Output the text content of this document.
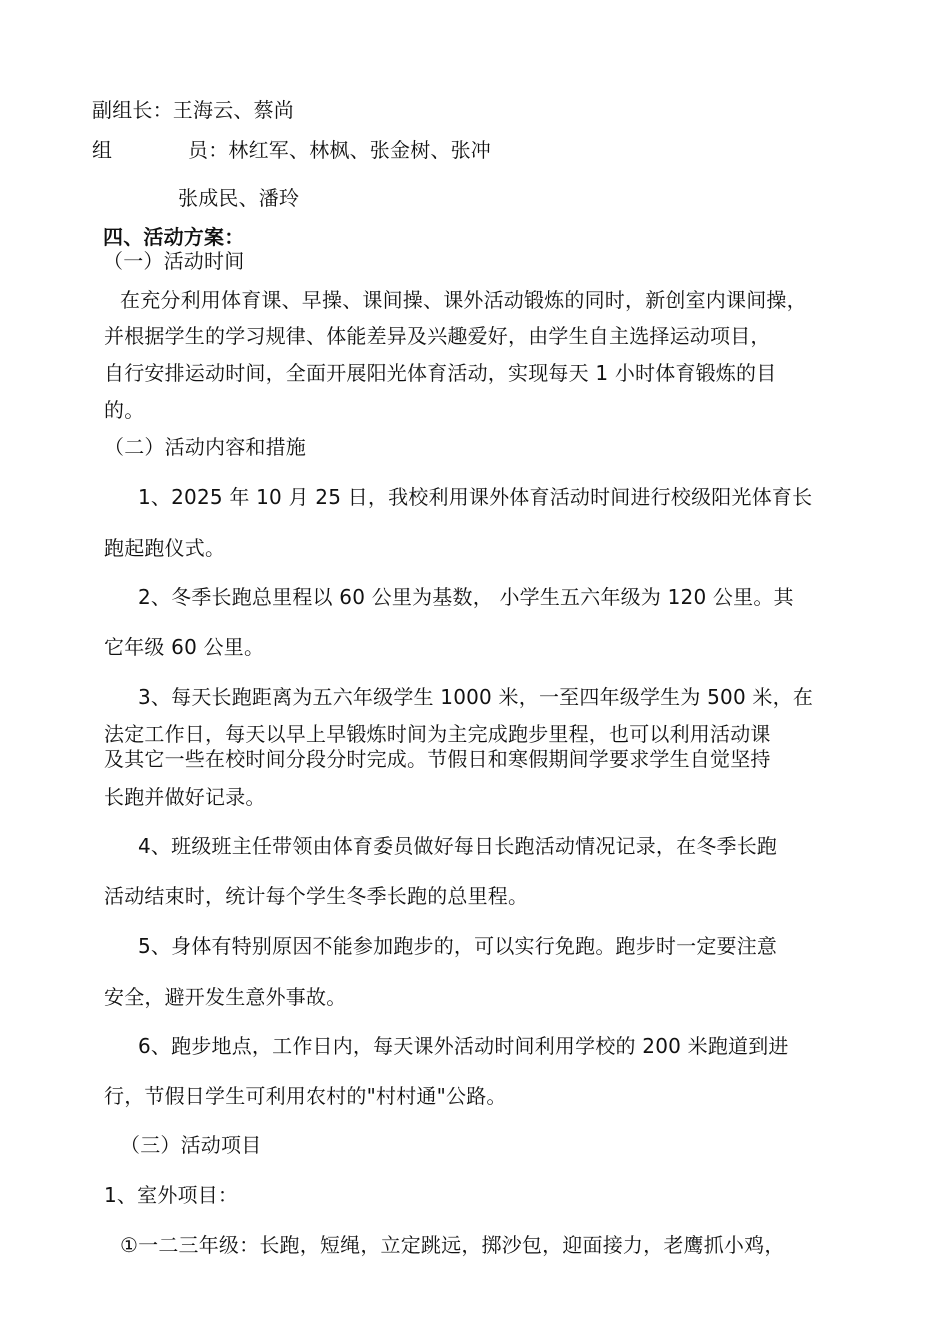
副组长：王海云、蔡尚
组	员：林红军、林枫、张金树、张冲
张成民、潘玲
四、活动方案：
（一）活动时间
在充分利用体育课、早操、课间操、课外活动锻炼的同时，新创室内课间操，
并根据学生的学习规律、体能差异及兴趣爱好，由学生自主选择运动项目，
自行安排运动时间，全面开展阳光体育活动，实现每天 1 小时体育锻炼的目
的。
（二）活动内容和措施
1、2025 年 10 月 25 日，我校利用课外体育活动时间进行校级阳光体育长
跑起跑仪式。
2、冬季长跑总里程以 60 公里为基数， 小学生五六年级为 120 公里。其
它年级 60 公里。
3、每天长跑距离为五六年级学生 1000 米，一至四年级学生为 500 米，在
法定工作日，每天以早上早锻炼时间为主完成跑步里程，也可以利用活动课
及其它一些在校时间分段分时完成。节假日和寒假期间学要求学生自觉坚持
长跑并做好记录。
4、班级班主任带领由体育委员做好每日长跑活动情况记录，在冬季长跑
活动结束时，统计每个学生冬季长跑的总里程。
5、身体有特别原因不能参加跑步的，可以实行免跑。跑步时一定要注意
安全，避开发生意外事故。
6、跑步地点，工作日内，每天课外活动时间利用学校的 200 米跑道到进
行，节假日学生可利用农村的"村村通"公路。
（三）活动项目
1、室外项目：
①一二三年级：长跑，短绳，立定跳远，掷沙包，迎面接力，老鹰抓小鸡，
